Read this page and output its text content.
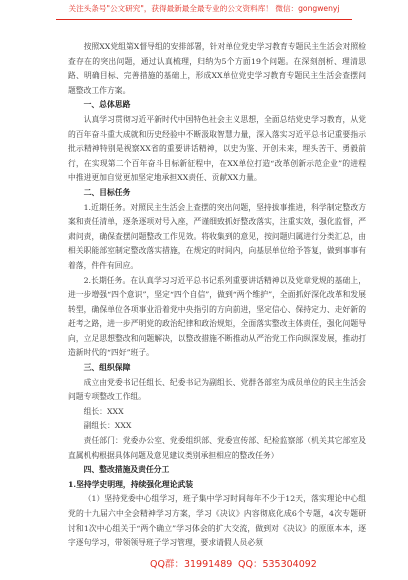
关注头条号"公文研究"，获得最新最全最专业的公文资料库！ 微信：gongwenyj

按照XX党组第X督导组的安排部署，针对单位党史学习教育专题民主生活会对照检查存在的突出问题，通过认真梳理，归纳为5个方面19个问题。在深刻剖析、理清思路、明确目标、完善措施的基础上，形成XX单位党史学习教育专题民主生活会查摆问题整改工作方案。

一、总体思路

认真学习贯彻习近平新时代中国特色社会主义思想，全面总结党史学习教育，从党的百年奋斗重大成就和历史经验中不断汲取智慧力量，深入落实习近平总书记重要指示批示精神特别是视察XX省的重要讲话精神，以史为鉴、开创未来，埋头苦干、勇毅前行，在实现第二个百年奋斗目标新征程中，在XX单位打造“改革创新示范企业”的进程中推进更加自觉更加坚定地承担XX责任、贡献XX力量。

二、目标任务

1.近期任务。对照民主生活会上查摆的突出问题，坚持拔事推进，科学制定整改方案和责任清单，逐条逐项对号入座，严谨细致抓好整改落实，注重实效，强化监督，严肃问责，确保查摆问题整改工作见效。将收集到的意见，按问题归属进行分类汇总，由相关职能部室制定整改落实措施，在规定的时间内，向基层单位给予答复，做到事事有着落，件件有回应。

2.长期任务。在认真学习习近平总书记系列重要讲话精神以及党章党规的基础上，进一步增强“四个意识”，坚定“四个自信”，做到“两个维护”，全面抓好深化改革和发展转型，确保单位各项事业沿着党中央指引的方向前进，坚定信心、保持定力、走好新的赶考之路，进一步严明党的政治纪律和政治规矩，全面落实整改主体责任，强化问题导向，立足思想整改和问题解决，以整改措施不断推动从严治党工作向纵深发展，推动打造新时代的“四好”班子。

三、组织保障

成立由党委书记任组长、纪委书记为副组长、党群各部室为成员单位的民主生活会问题专项整改工作组。

组长：XXX

副组长：XXX

责任部门：党委办公室、党委组织部、党委宣传部、纪检监察部（机关其它部室及直属机构根据具体问题及意见建议类别承担相应的整改任务）

四、整改措施及责任分工

1.坚持学史明理，持续强化理论武装

（1）坚持党委中心组学习，班子集中学习时间每年不少于12天，落实理论中心组党的十九届六中全会精神学习方案，学习《决议》内容彻底化成6个专题，4次专题研讨和1次中心组关于“两个确立”学习体会的扩大交流，做到对《决议》的原原本本，逐字逐句学习，带领领导班子学习管理，要求请假人员必须

QQ群：31991489 QQ：535304092
